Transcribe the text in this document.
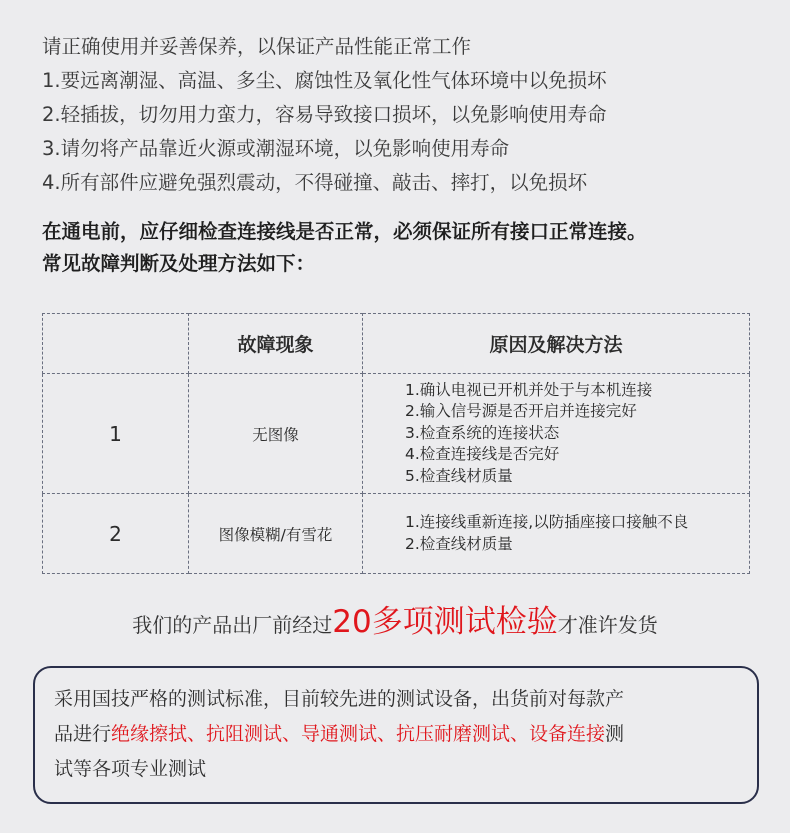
请正确使用并妥善保养，以保证产品性能正常工作
1.要远离潮湿、高温、多尘、腐蚀性及氧化性气体环境中以免损坏
2.轻插拔，切勿用力蛮力，容易导致接口损坏，以免影响使用寿命
3.请勿将产品靠近火源或潮湿环境，以免影响使用寿命
4.所有部件应避免强烈震动，不得碰撞、敲击、摔打，以免损坏
在通电前，应仔细检查连接线是否正常，必须保证所有接口正常连接。
常见故障判断及处理方法如下：
	故障现象	原因及解决方法
1	无图像	1.确认电视已开机并处于与本机连接
2.输入信号源是否开启并连接完好
3.检查系统的连接状态
4.检查连接线是否完好
5.检查线材质量

2	图像模糊/有雪花	1.连接线重新连接,以防插座接口接触不良
2.检查线材质量
我们的产品出厂前经过20多项测试检验才准许发货
采用国技严格的测试标准，目前较先进的测试设备，出货前对每款产
品进行绝缘擦拭、抗阻测试、导通测试、抗压耐磨测试、设备连接测
试等各项专业测试
